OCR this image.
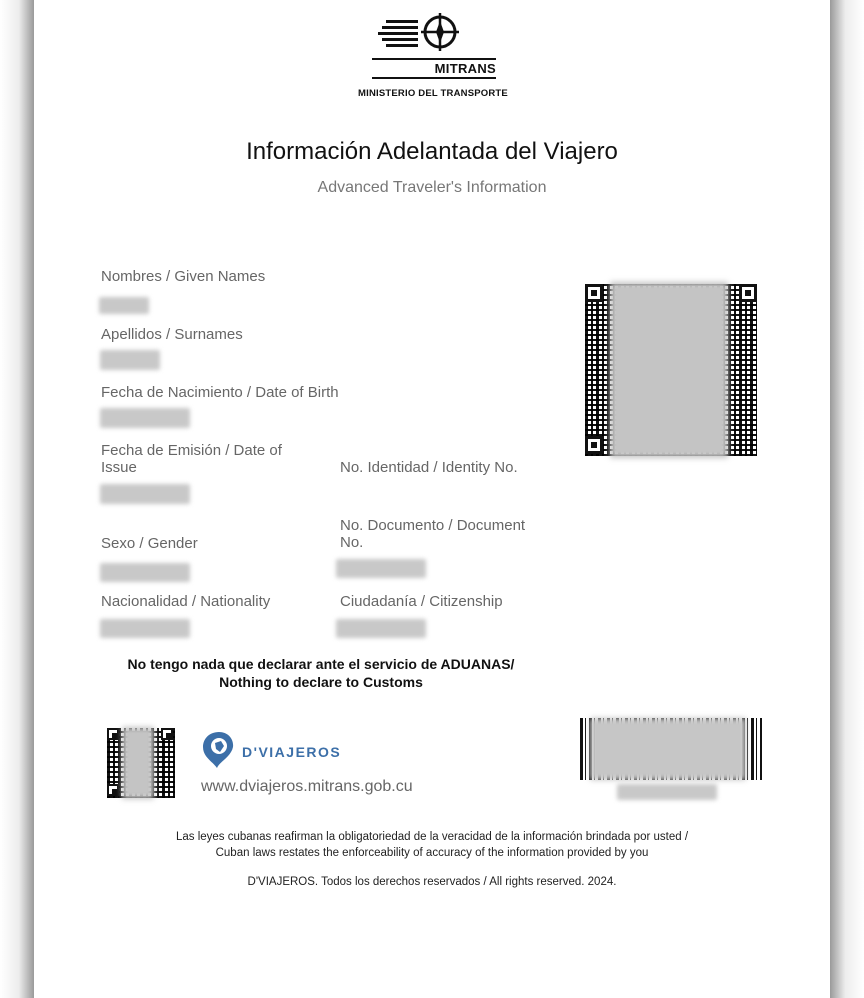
MITRANS
MINISTERIO DEL TRANSPORTE
Información Adelantada del Viajero
Advanced Traveler's Information
Nombres / Given Names
Apellidos / Surnames
Fecha de Nacimiento / Date of Birth
Fecha de Emisión / Date of
Issue
Sexo / Gender
Nacionalidad / Nationality
No. Identidad / Identity No.
No. Documento / Document
No.
Ciudadanía / Citizenship
No tengo nada que declarar ante el servicio de ADUANAS/
Nothing to declare to Customs
D'VIAJEROS
www.dviajeros.mitrans.gob.cu
Las leyes cubanas reafirman la obligatoriedad de la veracidad de la información brindada por usted /
Cuban laws restates the enforceability of accuracy of the information provided by you
D'VIAJEROS. Todos los derechos reservados / All rights reserved. 2024.
